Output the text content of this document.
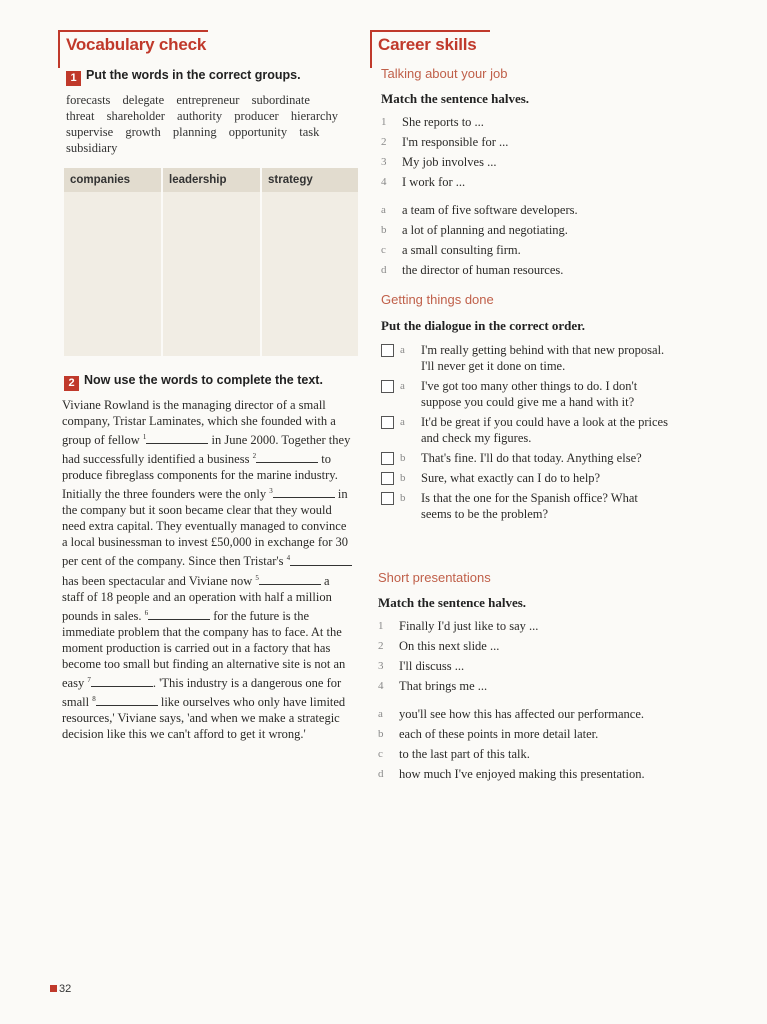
Vocabulary check
1 Put the words in the correct groups.
forecasts delegate entrepreneur subordinate threat shareholder authority producer hierarchy supervise growth planning opportunity task subsidiary
companies	leadership	strategy
2 Now use the words to complete the text.
Viviane Rowland is the managing director of a small company, Tristar Laminates, which she founded with a group of fellow $^1$	in June 2000. Together they had successfully identified a business $^2$	to produce fibreglass components for the marine industry. Initially the three founders were the only $^3$	in the company but it soon became clear that they would need extra capital. They eventually managed to convince a local businessman to invest £50,000 in exchange for 30 per cent of the company. Since then Tristar's $^4$ has been spectacular and Viviane now $^5$	a staff of 18 people and an operation with half a million pounds in sales. $^6$	for the future is the immediate problem that the company has to face. At the moment production is carried out in a factory that has become too small but finding an alternative site is not an easy $^7$	. 'This industry is a dangerous one for small $^8$	like ourselves who only have limited resources,' Viviane says, 'and when we make a strategic decision like this we can't afford to get it wrong.'
Career skills
Talking about your job
Match the sentence halves.
1 She reports to ...
2 I'm responsible for ...
3 My job involves ...
4 I work for ...
a a team of five software developers.
b a lot of planning and negotiating.
c a small consulting firm.
d the director of human resources.
Getting things done
Put the dialogue in the correct order.
a I'm really getting behind with that new proposal. I'll never get it done on time.
a I've got too many other things to do. I don't suppose you could give me a hand with it?
a It'd be great if you could have a look at the prices and check my figures.
b That's fine. I'll do that today. Anything else?
b Sure, what exactly can I do to help?
b Is that the one for the Spanish office? What seems to be the problem?
Short presentations
Match the sentence halves.
1 Finally I'd just like to say ...
2 On this next slide ...
3 I'll discuss ...
4 That brings me ...
a you'll see how this has affected our performance.
b each of these points in more detail later.
c to the last part of this talk.
d how much I've enjoyed making this presentation.
32
